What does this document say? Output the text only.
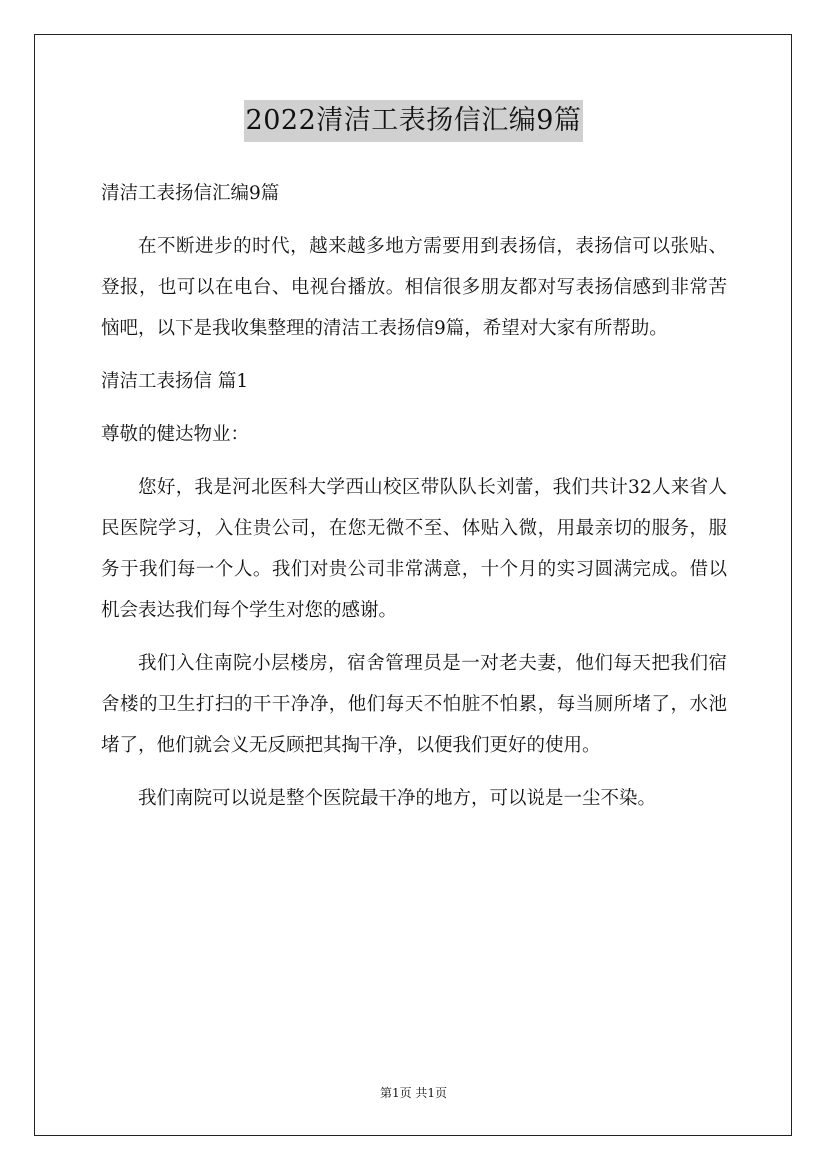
2022清洁工表扬信汇编9篇

清洁工表扬信汇编9篇

在不断进步的时代，越来越多地方需要用到表扬信，表扬信可以张贴、登报，也可以在电台、电视台播放。相信很多朋友都对写表扬信感到非常苦恼吧，以下是我收集整理的清洁工表扬信9篇，希望对大家有所帮助。

清洁工表扬信 篇1

尊敬的健达物业：

您好，我是河北医科大学西山校区带队队长刘蕾，我们共计32人来省人民医院学习，入住贵公司，在您无微不至、体贴入微，用最亲切的服务，服务于我们每一个人。我们对贵公司非常满意，十个月的实习圆满完成。借以机会表达我们每个学生对您的感谢。

我们入住南院小层楼房，宿舍管理员是一对老夫妻，他们每天把我们宿舍楼的卫生打扫的干干净净，他们每天不怕脏不怕累，每当厕所堵了，水池堵了，他们就会义无反顾把其掏干净，以便我们更好的使用。

我们南院可以说是整个医院最干净的地方，可以说是一尘不染。

第1页 共1页
